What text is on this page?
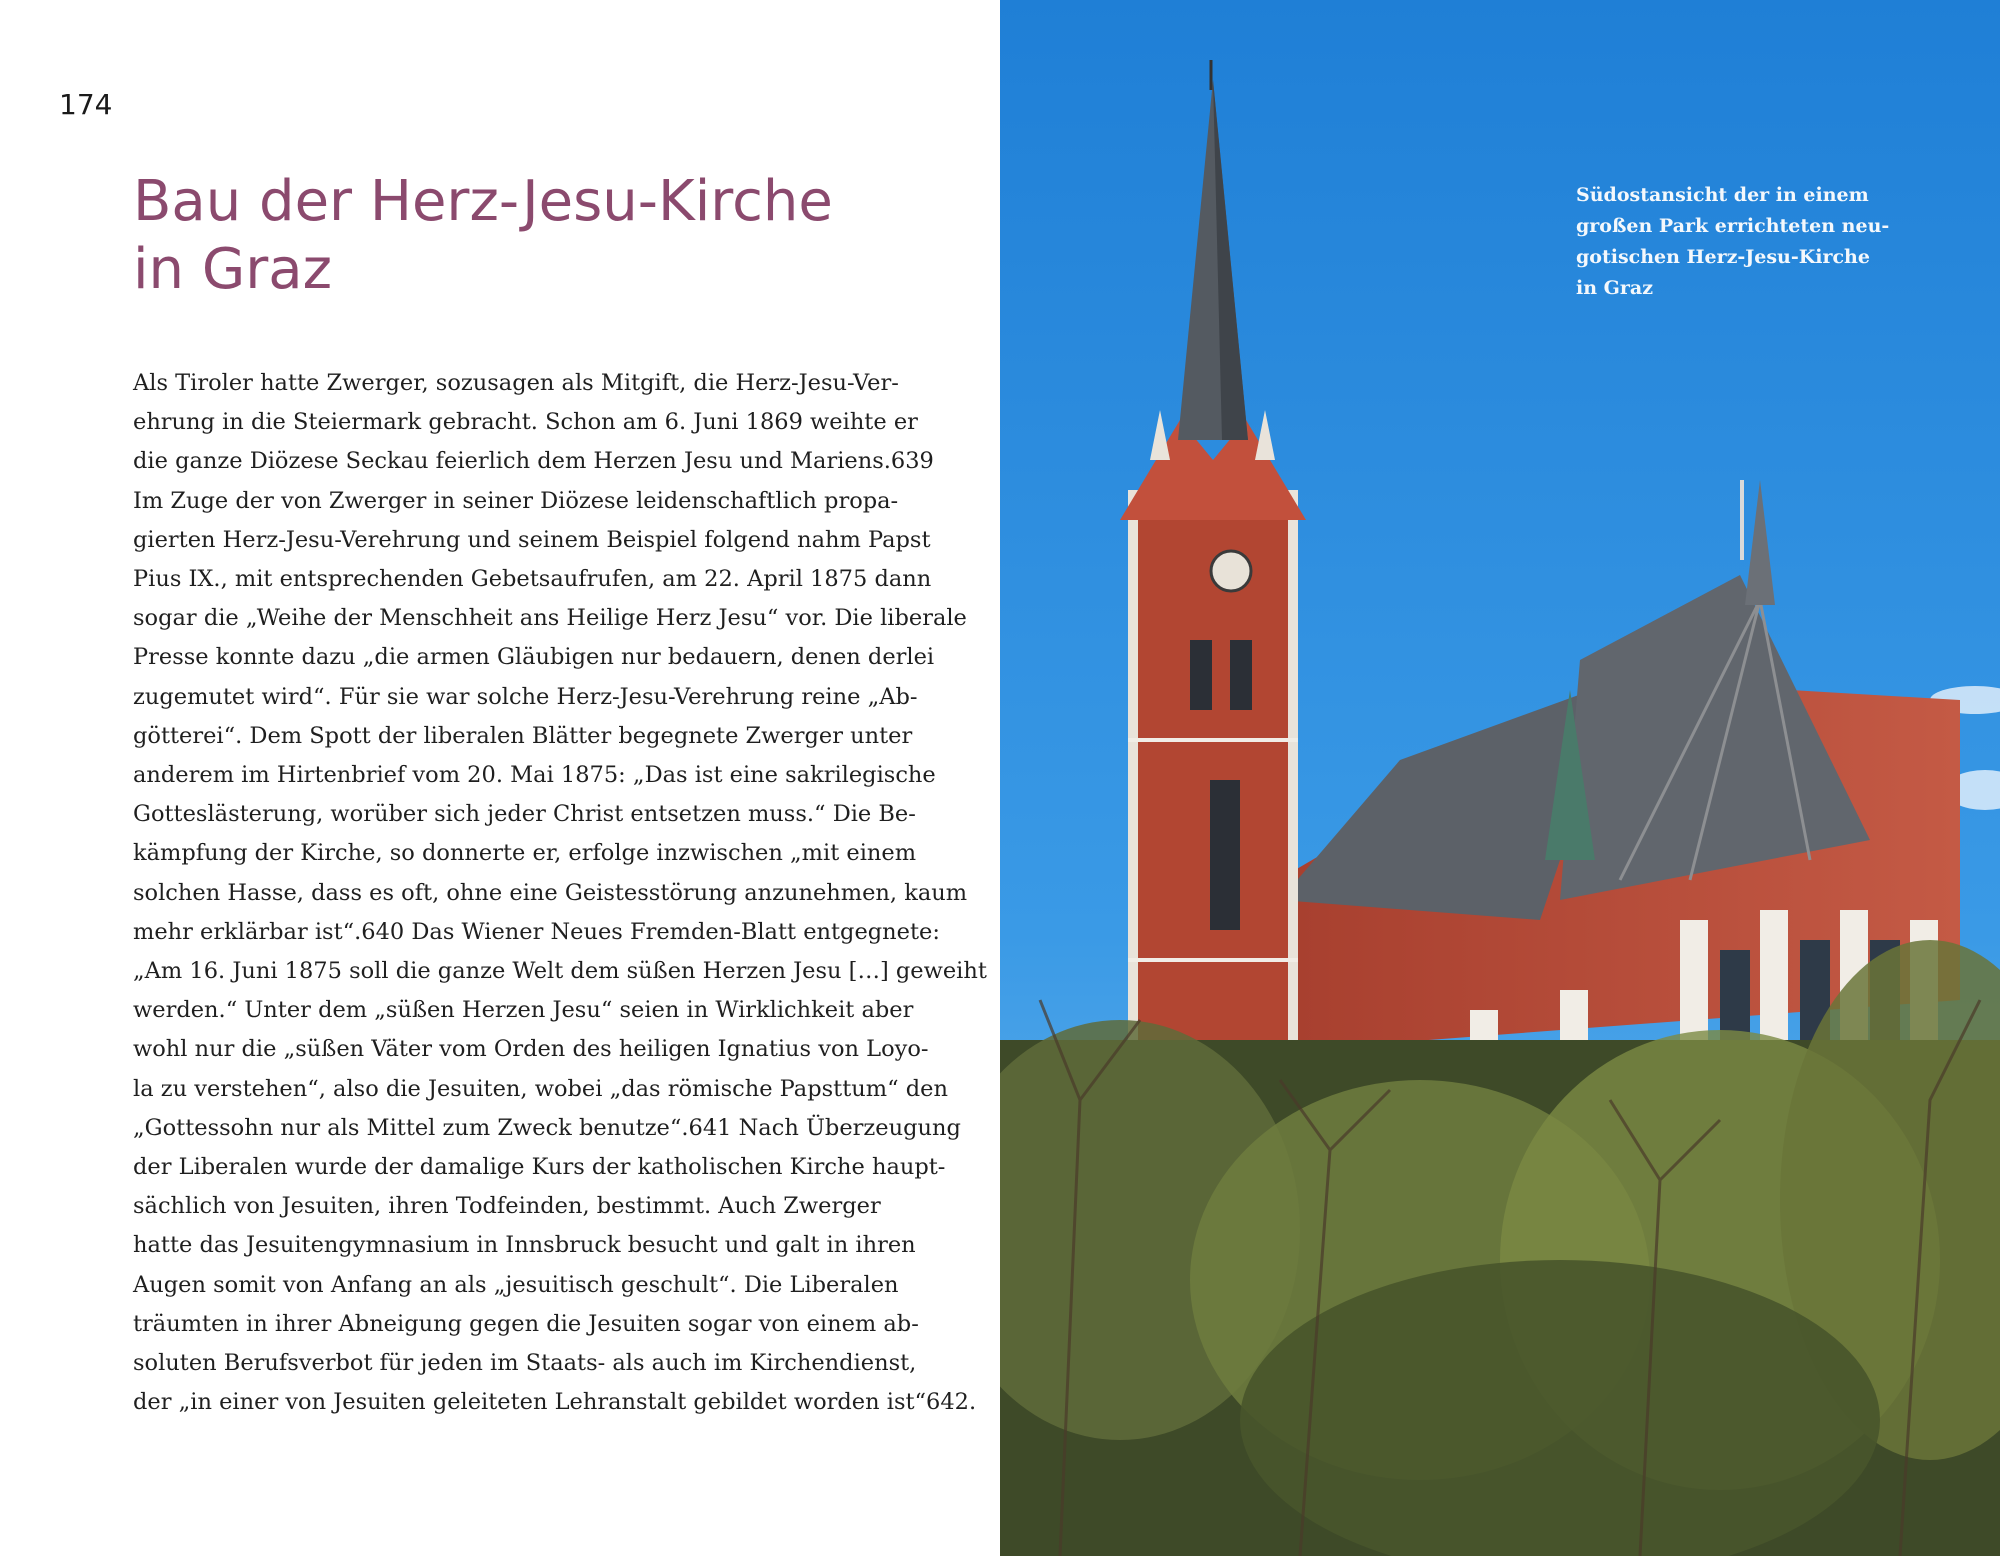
174

Bau der Herz-Jesu-Kirche
in Graz
Als Tiroler hatte Zwerger, sozusagen als Mitgift, die Herz-Jesu-Ver-
ehrung in die Steiermark gebracht. Schon am 6. Juni 1869 weihte er
die ganze Diözese Seckau feierlich dem Herzen Jesu und Mariens.639
Im Zuge der von Zwerger in seiner Diözese leidenschaftlich propa-
gierten Herz-Jesu-Verehrung und seinem Beispiel folgend nahm Papst
Pius IX., mit entsprechenden Gebetsaufrufen, am 22. April 1875 dann
sogar die „Weihe der Menschheit ans Heilige Herz Jesu“ vor. Die liberale
Presse konnte dazu „die armen Gläubigen nur bedauern, denen derlei
zugemutet wird“. Für sie war solche Herz-Jesu-Verehrung reine „Ab-
götterei“. Dem Spott der liberalen Blätter begegnete Zwerger unter
anderem im Hirtenbrief vom 20. Mai 1875: „Das ist eine sakrilegische
Gotteslästerung, worüber sich jeder Christ entsetzen muss.“ Die Be-
kämpfung der Kirche, so donnerte er, erfolge inzwischen „mit einem
solchen Hasse, dass es oft, ohne eine Geistesstörung anzunehmen, kaum
mehr erklärbar ist“.640 Das Wiener Neues Fremden-Blatt entgegnete:
„Am 16. Juni 1875 soll die ganze Welt dem süßen Herzen Jesu […] geweiht
werden.“ Unter dem „süßen Herzen Jesu“ seien in Wirklichkeit aber
wohl nur die „süßen Väter vom Orden des heiligen Ignatius von Loyo-
la zu verstehen“, also die Jesuiten, wobei „das römische Papsttum“ den
„Gottessohn nur als Mittel zum Zweck benutze“.641 Nach Überzeugung
der Liberalen wurde der damalige Kurs der katholischen Kirche haupt-
sächlich von Jesuiten, ihren Todfeinden, bestimmt. Auch Zwerger
hatte das Jesuitengymnasium in Innsbruck besucht und galt in ihren
Augen somit von Anfang an als „jesuitisch geschult“. Die Liberalen
träumten in ihrer Abneigung gegen die Jesuiten sogar von einem ab-
soluten Berufsverbot für jeden im Staats- als auch im Kirchendienst,
der „in einer von Jesuiten geleiteten Lehranstalt gebildet worden ist“642.
Südostansicht der in einem
großen Park errichteten neu-
gotischen Herz-Jesu-Kirche
in Graz
